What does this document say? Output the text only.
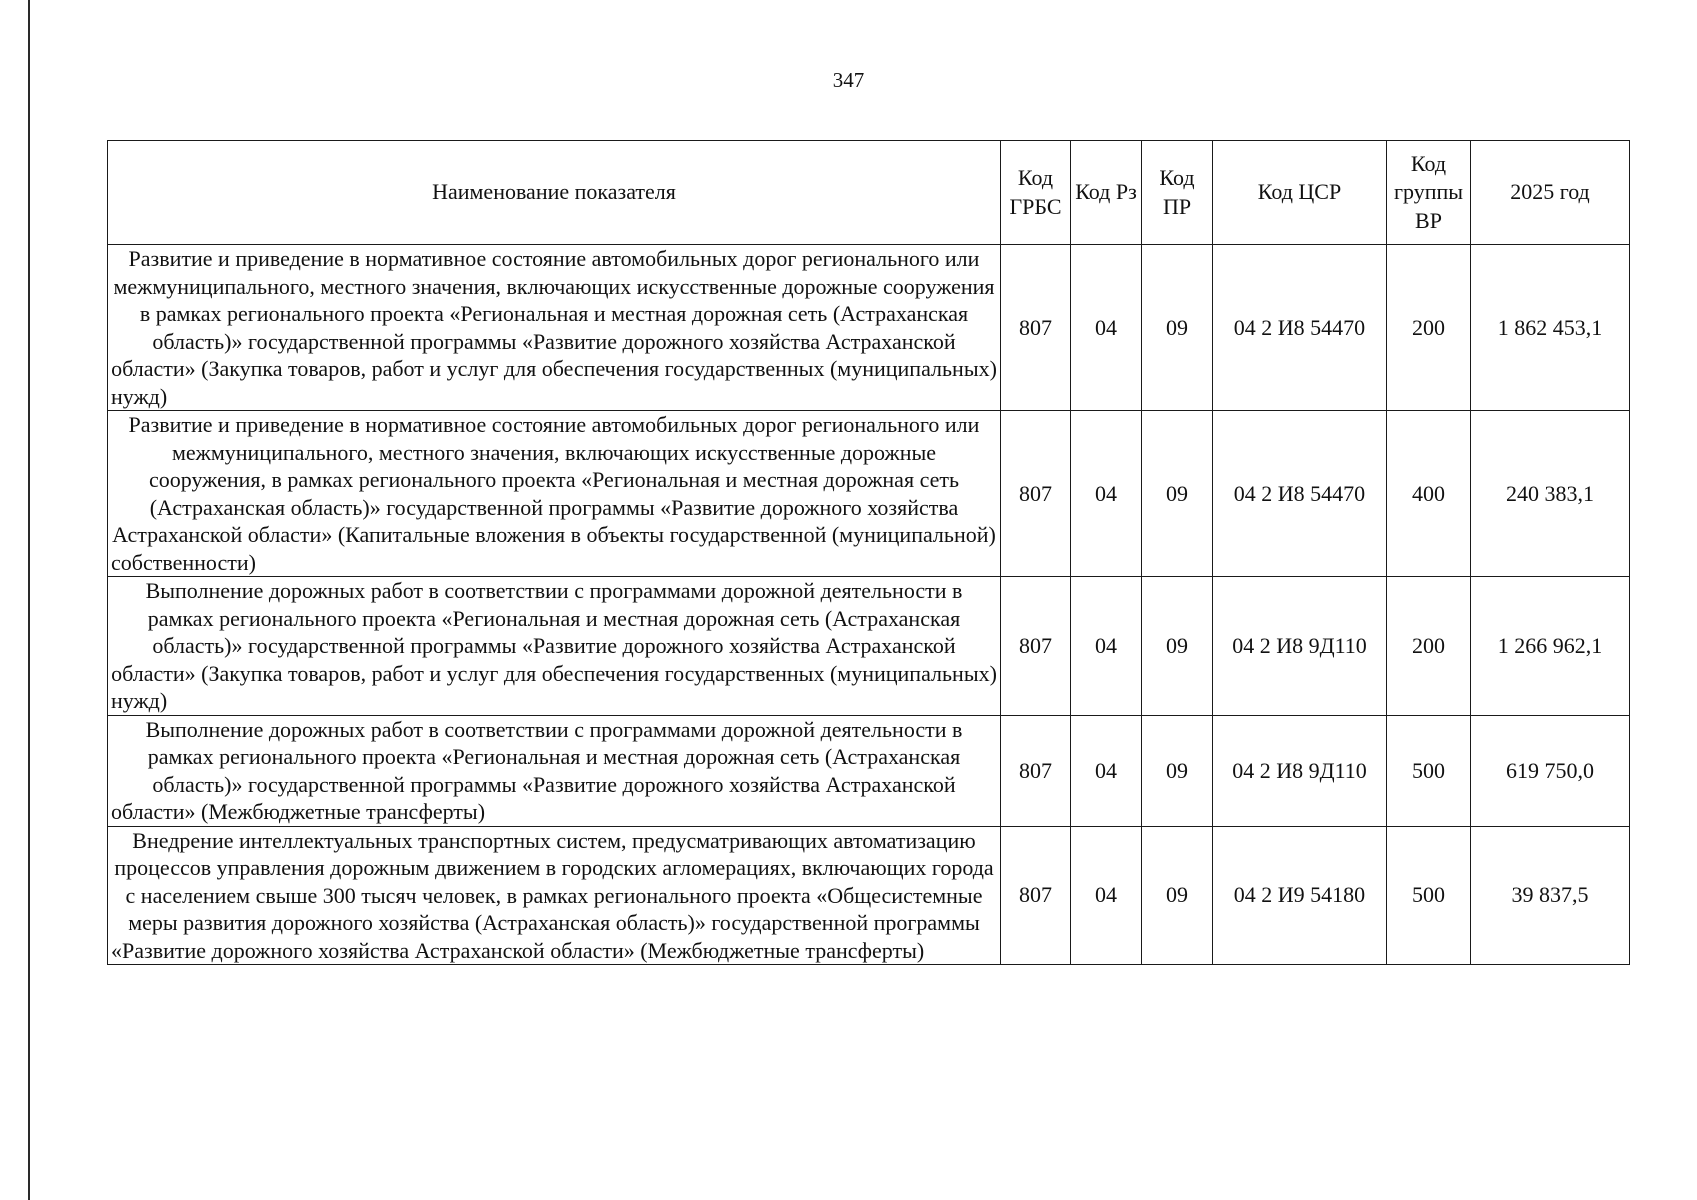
347
Наименование показателя	Код ГРБС	Код Рз	Код ПР	Код ЦСР	Код группы ВР	2025 год
Развитие и приведение в нормативное состояние автомобильных дорог регионального или межмуниципального, местного значения, включающих искусственные дорожные сооружения в рамках регионального проекта «Региональная и местная дорожная сеть (Астраханская область)» государственной программы «Развитие дорожного хозяйства Астраханской области» (Закупка товаров, работ и услуг для обеспечения государственных (муниципальных) нужд)	807	04	09	04 2 И8 54470	200	1 862 453,1
Развитие и приведение в нормативное состояние автомобильных дорог регионального или межмуниципального, местного значения, включающих искусственные дорожные сооружения, в рамках регионального проекта «Региональная и местная дорожная сеть (Астраханская область)» государственной программы «Развитие дорожного хозяйства Астраханской области» (Капитальные вложения в объекты государственной (муниципальной) собственности)	807	04	09	04 2 И8 54470	400	240 383,1
Выполнение дорожных работ в соответствии с программами дорожной деятельности в рамках регионального проекта «Региональная и местная дорожная сеть (Астраханская область)» государственной программы «Развитие дорожного хозяйства Астраханской области» (Закупка товаров, работ и услуг для обеспечения государственных (муниципальных) нужд)	807	04	09	04 2 И8 9Д110	200	1 266 962,1
Выполнение дорожных работ в соответствии с программами дорожной деятельности в рамках регионального проекта «Региональная и местная дорожная сеть (Астраханская область)» государственной программы «Развитие дорожного хозяйства Астраханской области» (Межбюджетные трансферты)	807	04	09	04 2 И8 9Д110	500	619 750,0
Внедрение интеллектуальных транспортных систем, предусматривающих автоматизацию процессов управления дорожным движением в городских агломерациях, включающих города с населением свыше 300 тысяч человек, в рамках регионального проекта «Общесистемные меры развития дорожного хозяйства (Астраханская область)» государственной программы «Развитие дорожного хозяйства Астраханской области» (Межбюджетные трансферты)	807	04	09	04 2 И9 54180	500	39 837,5
